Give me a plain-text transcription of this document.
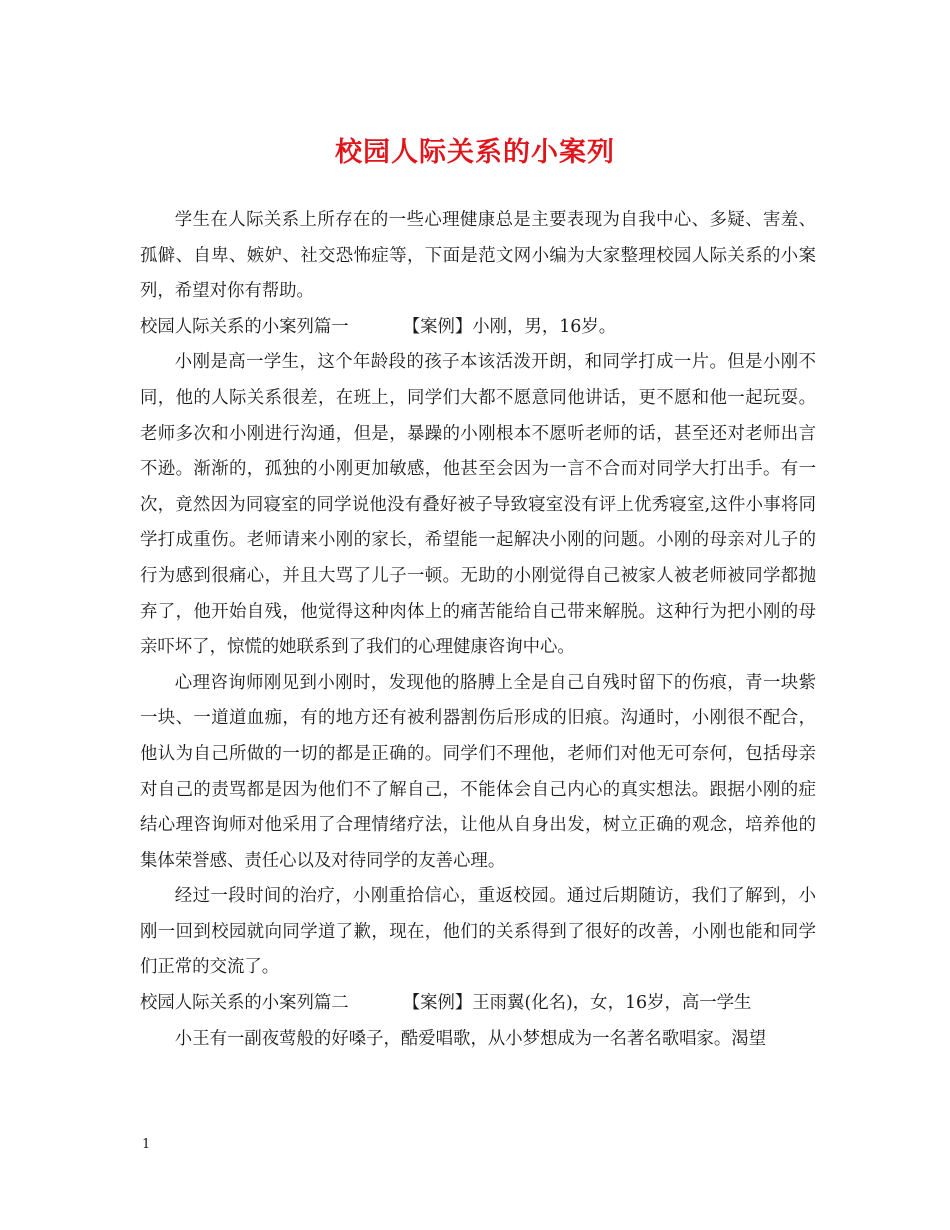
校园人际关系的小案列

学生在人际关系上所存在的一些心理健康总是主要表现为自我中心、多疑、害羞、孤僻、自卑、嫉妒、社交恐怖症等，下面是范文网小编为大家整理校园人际关系的小案列，希望对你有帮助。

校园人际关系的小案列篇一	【案例】小刚，男，16岁。

小刚是高一学生，这个年龄段的孩子本该活泼开朗，和同学打成一片。但是小刚不同，他的人际关系很差，在班上，同学们大都不愿意同他讲话，更不愿和他一起玩耍。老师多次和小刚进行沟通，但是，暴躁的小刚根本不愿听老师的话，甚至还对老师出言不逊。渐渐的，孤独的小刚更加敏感，他甚至会因为一言不合而对同学大打出手。有一次，竟然因为同寝室的同学说他没有叠好被子导致寝室没有评上优秀寝室,这件小事将同学打成重伤。老师请来小刚的家长，希望能一起解决小刚的问题。小刚的母亲对儿子的行为感到很痛心，并且大骂了儿子一顿。无助的小刚觉得自己被家人被老师被同学都抛弃了，他开始自残，他觉得这种肉体上的痛苦能给自己带来解脱。这种行为把小刚的母亲吓坏了，惊慌的她联系到了我们的心理健康咨询中心。

心理咨询师刚见到小刚时，发现他的胳膊上全是自己自残时留下的伤痕，青一块紫一块、一道道血痂，有的地方还有被利器割伤后形成的旧痕。沟通时，小刚很不配合，他认为自己所做的一切的都是正确的。同学们不理他，老师们对他无可奈何，包括母亲对自己的责骂都是因为他们不了解自己，不能体会自己内心的真实想法。跟据小刚的症结心理咨询师对他采用了合理情绪疗法，让他从自身出发，树立正确的观念，培养他的集体荣誉感、责任心以及对待同学的友善心理。

经过一段时间的治疗，小刚重拾信心，重返校园。通过后期随访，我们了解到，小刚一回到校园就向同学道了歉，现在，他们的关系得到了很好的改善，小刚也能和同学们正常的交流了。

校园人际关系的小案列篇二	【案例】王雨翼(化名)，女，16岁，高一学生

小王有一副夜莺般的好嗓子，酷爱唱歌，从小梦想成为一名著名歌唱家。渴望

1
